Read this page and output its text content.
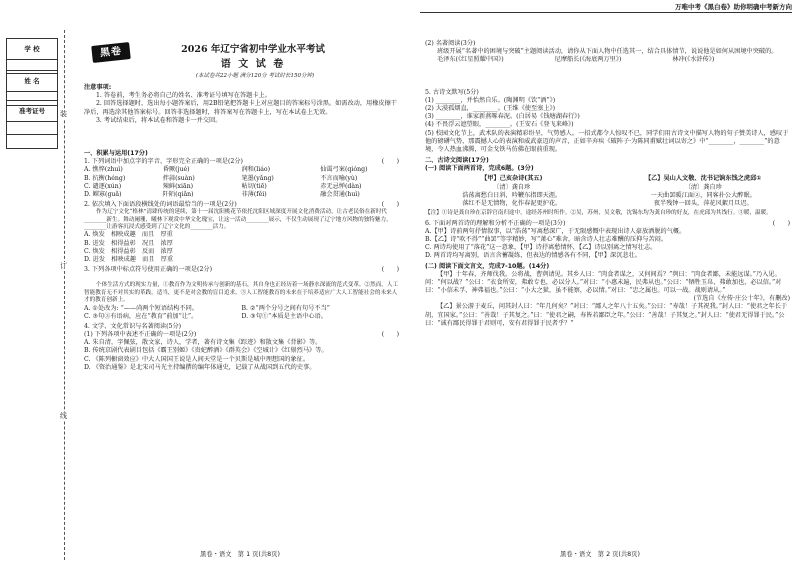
万唯中考《黑白卷》助你明确中考新方向
学 校
姓 名
准考证号	装
订
线
黑卷	2026 年辽宁省初中学业水平考试
语 文 试 卷
(本试卷共22小题 满分120分 考试时长150分钟)
注意事项:
1. 答卷前，考生务必将自己的姓名、准考证号填写在答题卡上。
2. 回答选择题时，选出每小题答案后，用2B铅笔把答题卡上对应题目的答案标号涂黑。如需改动，用橡皮擦干净后，再选涂其他答案标号。回答非选择题时，将答案写在答题卡上，写在本试卷上无效。
3. 考试结束后，将本试卷和答题卡一并交回。
一、积累与运用(17分)
1. 下列词语中加点字的字音、字形完全正确的一项是(2分)	(　　)
A. 憔悴(zhuì)	昏厥(jué)	润和(liáo)	仙霭弓案(qióng)
B. 抗衡(héng)	拌蒜(suàn)	笔墨(yǎng)	不言而喻(yù)
C. 谴逐(xún)	辣鲜(xiān)	帖切(tiē)	赤无忌惮(dàn)
D. 鳏寡(guǎ)	阡陌(qiǎn)	非薄(fěi)	融会贯通(huì)
2. 依次填入下面语段横线处的词语最恰当的一项是(2分)	(　　)
作为辽宁文化“格林”清肆传统的延续，第十一届沈阳桃花节依托沈阳区域深度开展文化消费活动，让古老民俗在新时代________新生。舞动阑珊，曦林下观赏中华文化瑰宝，让这一活动________展示，不仅生动展现了辽宁地方风物的独特魅力，________让游客沉浸式感受到了辽宁文化的________活力。
A. 焕发　相映成趣　而且　厚重
B. 迸发　相得益彰　况且　浓厚
C. 焕发　相得益彰　反而　浓厚
D. 迸发　相映成趣　而且　厚重
3. 下列各项中标点符号使用正确的一项是(2分)	(　　)
个体生活方式的现实力量，①教育作为文明传承与创新的基石，其自身也正经历着一场静水深流的范式变革。②然而，人工智能教育无不对其实的革践，适当，更不是对会教的盲目追求。③人工智能教育的未来在于培养适应广大人工智能社会的未来人才的教育创新上。
A. ①处改为: “——尚两个短语结构不同。	B. ②“两个分号之间有句号不当”
C. ③句③有语病，应在“教育”前加“让”。	D. ③句①“本质是主语中心语。
4. 文学、文化常识与名著阅读(5分)
(1) 下列各项中表述不正确的一项是(2分)	(　　)
A. 朱自清，字佩弦，散文家，诗人，学者，著有诗文集《踪迹》和散文集《背影》等。
B. 传统京剧代表剧目包括《霸王别姬》《贵妃醉酒》《群英会》《空城计》《红鬃烈马》等。
C. 《陈列橱窗效应》中大人国国王说是人间天堂是一个贝斯是城中理想国的象征。
D. 《资治通鉴》是北宋司马光主持编撰的编年体通史，记载了从战国到五代的史事。
(2) 名著阅读(3分)
班级开展“名著中的困境与突破”主题阅读活动，请你从下面人物中任选其一，结合具体情节，说说他是如何从困境中突破的。
毛泽东(《红星照耀中国》)	尼摩船长(《海底两万里》)	林冲(《水浒传》)
5. 古诗文默写(5分)
(1) ________，并怡然自乐。(陶渊明《饮“酒”》)
(2) 大漠孤烟直，________。(王维《使至塞上》)
(3) ________，谁家新燕啄春泥。(白居易《钱塘湖春行》)
(4) 不畏浮云遮望眼，________。(王安石《登飞来峰》)
(5) 校园文化节上，武术队的表演精彩纷呈，气势感人。一招式都令人惊叹不已，同学们用古诗文中描写人物的句子赞美诗人，感叹于他的磅礴气势，那震撼人心的表演和威武豪迈的声音，正如辛弃疾《破阵子·为陈同甫赋壮词以寄之》中“________，________”的意境，令人热血沸腾，可金戈铁马仿佛在眼前重现。
二、古诗文阅读(17分)
(一) 阅读下面两首诗，完成6题。(3分)
【甲】己亥杂诗(其五)
〔清〕龚自珍
浩荡离愁白日斜，吟鞭东指即天涯。
落红不是无情物，化作春泥更护花。
【乙】吴山人文敬、沈书记饷东饯之虎邱①
〔清〕龚自珍
一天曲罢暖江面②，同客扑公大醉眠。
夜半残钟一回头，萍花风絮月旦迟。
【注】①诗是龚自珍在京辞官南归途中，途经苏州时所作。②吴，苏州，吴文敬，沈锡东均为龚自珍的好友，在虎邱为其饯行。③暖，温暖。
6. 下面对两首诗的理解和分析不正确的一项是(3分)	(　　)
A.【甲】诗前两句抒情叙事，以“浩荡”写离愁深广，于无限感慨中表现出诗人豪放洒脱的气概。
B.【乙】诗“吹不得”“曲罢”等字精妙，写“萧心”难舍，暗含诗人壮志难酬的压抑与苦闷。
C. 两诗均使用了“落花”这一意象，【甲】诗抒离愁情怀，【乙】诗以别离之情写壮志。
D. 两首诗均写离别，语言含蓄凝练，但表达的情感各有不同，【甲】深沉悲壮。
(二) 阅读下面文言文，完成7-10题。(14分)
【甲】十年春，齐师伐我。公将战，曹刿请见。其乡人曰：“肉食者谋之，又何间焉？”刿曰：“肉食者鄙，未能远谋。”乃入见。问：“何以战？”公曰：“衣食所安，弗敢专也，必以分人。”对曰：“小惠未遍，民弗从也。”公曰：“牺牲玉帛，弗敢加也，必以信。”对曰：“小信未孚，神弗福也。”公曰：“小大之狱，虽不能察，必以情。”对曰：“忠之属也。可以一战。战则请从。”
(节选自《左传·庄公十年》，有删改)
【乙】景公游于麦丘，问其封人曰：“年几何矣？”对曰：“鄙人之年八十五矣。”公曰：“寿哉！子其祝我。”封人曰：“使君之年长于胡，宜国家。”公曰：“善哉！子其复之。”曰：“使君之嗣，寿皆若鄙臣之年。”公曰：“善哉！子其复之。”封人曰：“使君无得罪于民。”公曰：“诚有鄙民得罪于君则可，安有君得罪于民者乎？”
黑卷・语文　第 1 页(共8页)	黑卷・语文　第 2 页(共8页)
